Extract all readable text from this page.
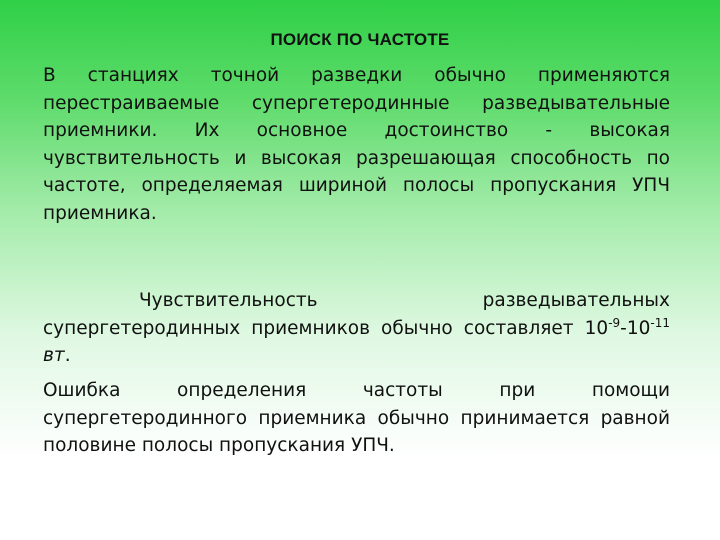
ПОИСК ПО ЧАСТОТЕ
В станциях точной разведки обычно применяются перестраиваемые супергетеродинные разведывательные приемники. Их основное достоинство - высокая чувствительность и высокая разрешающая способность по частоте, определяемая шириной полосы пропускания УПЧ приемника.
Чувствительность разведывательных супергетеродинных приемников обычно составляет $10^{-9}-10^{-11}$ вт.
Ошибка определения частоты при помощи супергетеродинного приемника обычно принимается равной половине полосы пропускания УПЧ.
